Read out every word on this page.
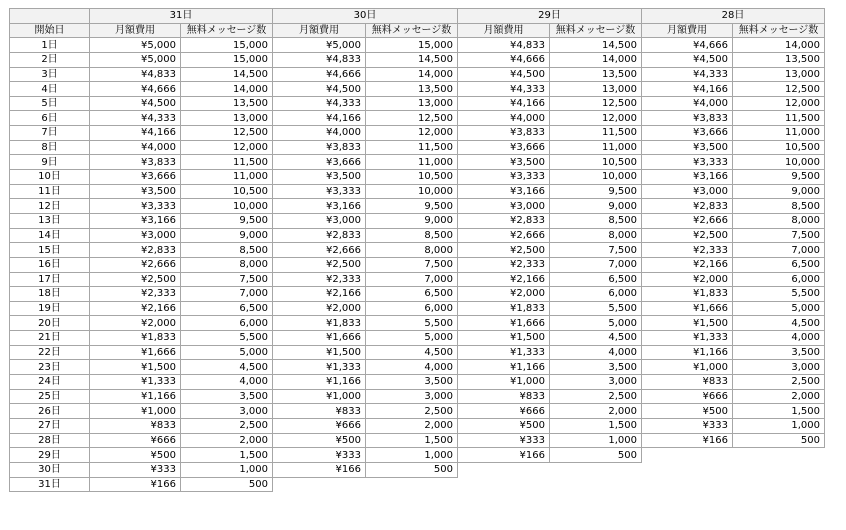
	31日		30日		29日		28日	
開始日	月額費用	無料メッセージ数	月額費用	無料メッセージ数	月額費用	無料メッセージ数	月額費用	無料メッセージ数
1日	¥5,000	15,000	¥5,000	15,000	¥4,833	14,500	¥4,666	14,000
2日	¥5,000	15,000	¥4,833	14,500	¥4,666	14,000	¥4,500	13,500
3日	¥4,833	14,500	¥4,666	14,000	¥4,500	13,500	¥4,333	13,000
4日	¥4,666	14,000	¥4,500	13,500	¥4,333	13,000	¥4,166	12,500
5日	¥4,500	13,500	¥4,333	13,000	¥4,166	12,500	¥4,000	12,000
6日	¥4,333	13,000	¥4,166	12,500	¥4,000	12,000	¥3,833	11,500
7日	¥4,166	12,500	¥4,000	12,000	¥3,833	11,500	¥3,666	11,000
8日	¥4,000	12,000	¥3,833	11,500	¥3,666	11,000	¥3,500	10,500
9日	¥3,833	11,500	¥3,666	11,000	¥3,500	10,500	¥3,333	10,000
10日	¥3,666	11,000	¥3,500	10,500	¥3,333	10,000	¥3,166	9,500
11日	¥3,500	10,500	¥3,333	10,000	¥3,166	9,500	¥3,000	9,000
12日	¥3,333	10,000	¥3,166	9,500	¥3,000	9,000	¥2,833	8,500
13日	¥3,166	9,500	¥3,000	9,000	¥2,833	8,500	¥2,666	8,000
14日	¥3,000	9,000	¥2,833	8,500	¥2,666	8,000	¥2,500	7,500
15日	¥2,833	8,500	¥2,666	8,000	¥2,500	7,500	¥2,333	7,000
16日	¥2,666	8,000	¥2,500	7,500	¥2,333	7,000	¥2,166	6,500
17日	¥2,500	7,500	¥2,333	7,000	¥2,166	6,500	¥2,000	6,000
18日	¥2,333	7,000	¥2,166	6,500	¥2,000	6,000	¥1,833	5,500
19日	¥2,166	6,500	¥2,000	6,000	¥1,833	5,500	¥1,666	5,000
20日	¥2,000	6,000	¥1,833	5,500	¥1,666	5,000	¥1,500	4,500
21日	¥1,833	5,500	¥1,666	5,000	¥1,500	4,500	¥1,333	4,000
22日	¥1,666	5,000	¥1,500	4,500	¥1,333	4,000	¥1,166	3,500
23日	¥1,500	4,500	¥1,333	4,000	¥1,166	3,500	¥1,000	3,000
24日	¥1,333	4,000	¥1,166	3,500	¥1,000	3,000	¥833	2,500
25日	¥1,166	3,500	¥1,000	3,000	¥833	2,500	¥666	2,000
26日	¥1,000	3,000	¥833	2,500	¥666	2,000	¥500	1,500
27日	¥833	2,500	¥666	2,000	¥500	1,500	¥333	1,000
28日	¥666	2,000	¥500	1,500	¥333	1,000	¥166	500
29日	¥500	1,500	¥333	1,000	¥166	500		
30日	¥333	1,000	¥166	500				
31日	¥166	500						
